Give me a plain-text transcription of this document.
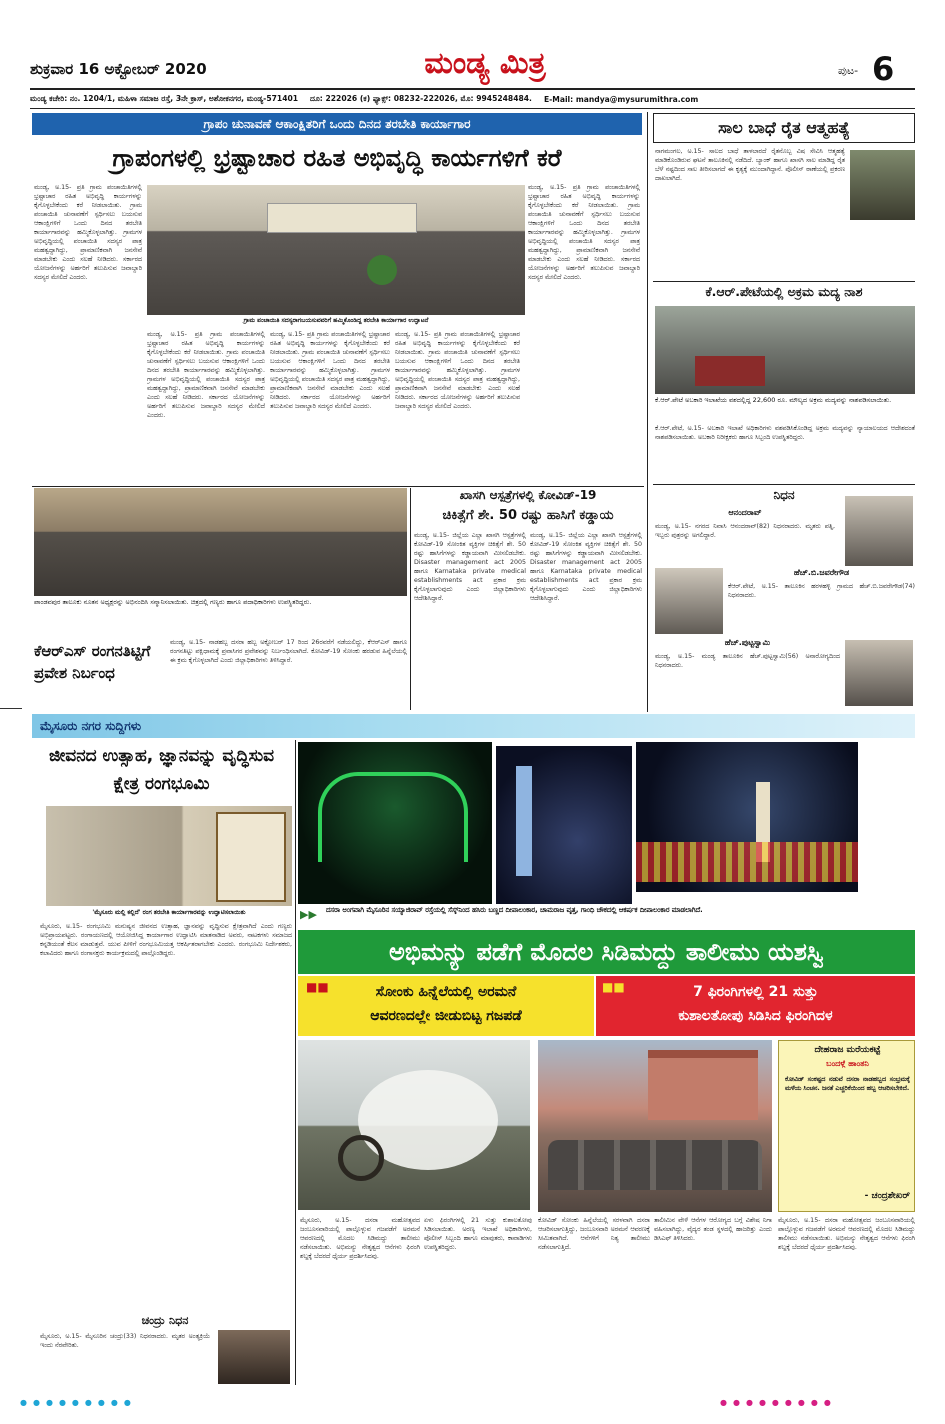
ಶುಕ್ರವಾರ 16 ಅಕ್ಟೋಬರ್ 2020	ಮಂಡ್ಯ ಮಿತ್ರ	ಪುಟ- 6
ಮಂಡ್ಯ ಕಚೇರಿ: ನಂ. 1204/1, ಮಹಿಳಾ ಸಮಾಜ ರಸ್ತೆ, 3ನೇ ಕ್ರಾಸ್, ಅಶೋಕನಗರ, ಮಂಡ್ಯ-571401 ದೂ: 222026 (ಕ) ಫ್ಯಾಕ್ಸ್: 08232-222026, ಮೊ: 9945248484. E-Mail: mandya@mysurumithra.com
ಗ್ರಾಪಂ ಚುನಾವಣೆ ಆಕಾಂಕ್ಷಿತರಿಗೆ ಒಂದು ದಿನದ ತರಬೇತಿ ಕಾರ್ಯಾಗಾರ
ಗ್ರಾಪಂಗಳಲ್ಲಿ ಭ್ರಷ್ಟಾಚಾರ ರಹಿತ ಅಭಿವೃದ್ಧಿ ಕಾರ್ಯಗಳಿಗೆ ಕರೆ
ಮಂಡ್ಯ, ಅ.15- ಪ್ರತಿ ಗ್ರಾಮ ಪಂಚಾಯಿತಿಗಳಲ್ಲಿ ಭ್ರಷ್ಟಾಚಾರ ರಹಿತ ಅಭಿವೃದ್ಧಿ ಕಾರ್ಯಗಳನ್ನು ಕೈಗೊಳ್ಳಬೇಕೆಂದು ಕರೆ ನೀಡಲಾಯಿತು. ಗ್ರಾಮ ಪಂಚಾಯಿತಿ ಚುನಾವಣೆಗೆ ಸ್ಪರ್ಧಿಸಲು ಬಯಸುವ ಆಕಾಂಕ್ಷಿಗಳಿಗೆ ಒಂದು ದಿನದ ತರಬೇತಿ ಕಾರ್ಯಾಗಾರವನ್ನು ಹಮ್ಮಿಕೊಳ್ಳಲಾಗಿತ್ತು. ಗ್ರಾಮಗಳ ಅಭಿವೃದ್ಧಿಯಲ್ಲಿ ಪಂಚಾಯಿತಿ ಸದಸ್ಯರ ಪಾತ್ರ ಮಹತ್ವದ್ದಾಗಿದ್ದು, ಪ್ರಾಮಾಣಿಕವಾಗಿ ಜನಸೇವೆ ಮಾಡಬೇಕು ಎಂದು ಸಲಹೆ ನೀಡಿದರು. ಸರ್ಕಾರದ ಯೋಜನೆಗಳನ್ನು ಅರ್ಹರಿಗೆ ತಲುಪಿಸುವ ಜವಾಬ್ದಾರಿ ಸದಸ್ಯರ ಮೇಲಿದೆ ಎಂದರು.
ಗ್ರಾಮ ಪಂಚಾಯಿತಿ ಸದಸ್ಯರಾಗಬಯಸುವವರಿಗೆ ಹಮ್ಮಿಕೊಂಡಿದ್ದ ತರಬೇತಿ ಕಾರ್ಯಾಗಾರ ಉದ್ಘಾಟನೆ
ಮಂಡ್ಯ, ಅ.15- ಪ್ರತಿ ಗ್ರಾಮ ಪಂಚಾಯಿತಿಗಳಲ್ಲಿ ಭ್ರಷ್ಟಾಚಾರ ರಹಿತ ಅಭಿವೃದ್ಧಿ ಕಾರ್ಯಗಳನ್ನು ಕೈಗೊಳ್ಳಬೇಕೆಂದು ಕರೆ ನೀಡಲಾಯಿತು. ಗ್ರಾಮ ಪಂಚಾಯಿತಿ ಚುನಾವಣೆಗೆ ಸ್ಪರ್ಧಿಸಲು ಬಯಸುವ ಆಕಾಂಕ್ಷಿಗಳಿಗೆ ಒಂದು ದಿನದ ತರಬೇತಿ ಕಾರ್ಯಾಗಾರವನ್ನು ಹಮ್ಮಿಕೊಳ್ಳಲಾಗಿತ್ತು. ಗ್ರಾಮಗಳ ಅಭಿವೃದ್ಧಿಯಲ್ಲಿ ಪಂಚಾಯಿತಿ ಸದಸ್ಯರ ಪಾತ್ರ ಮಹತ್ವದ್ದಾಗಿದ್ದು, ಪ್ರಾಮಾಣಿಕವಾಗಿ ಜನಸೇವೆ ಮಾಡಬೇಕು ಎಂದು ಸಲಹೆ ನೀಡಿದರು. ಸರ್ಕಾರದ ಯೋಜನೆಗಳನ್ನು ಅರ್ಹರಿಗೆ ತಲುಪಿಸುವ ಜವಾಬ್ದಾರಿ ಸದಸ್ಯರ ಮೇಲಿದೆ ಎಂದರು.
ಮಂಡ್ಯ, ಅ.15- ಪ್ರತಿ ಗ್ರಾಮ ಪಂಚಾಯಿತಿಗಳಲ್ಲಿ ಭ್ರಷ್ಟಾಚಾರ ರಹಿತ ಅಭಿವೃದ್ಧಿ ಕಾರ್ಯಗಳನ್ನು ಕೈಗೊಳ್ಳಬೇಕೆಂದು ಕರೆ ನೀಡಲಾಯಿತು. ಗ್ರಾಮ ಪಂಚಾಯಿತಿ ಚುನಾವಣೆಗೆ ಸ್ಪರ್ಧಿಸಲು ಬಯಸುವ ಆಕಾಂಕ್ಷಿಗಳಿಗೆ ಒಂದು ದಿನದ ತರಬೇತಿ ಕಾರ್ಯಾಗಾರವನ್ನು ಹಮ್ಮಿಕೊಳ್ಳಲಾಗಿತ್ತು. ಗ್ರಾಮಗಳ ಅಭಿವೃದ್ಧಿಯಲ್ಲಿ ಪಂಚಾಯಿತಿ ಸದಸ್ಯರ ಪಾತ್ರ ಮಹತ್ವದ್ದಾಗಿದ್ದು, ಪ್ರಾಮಾಣಿಕವಾಗಿ ಜನಸೇವೆ ಮಾಡಬೇಕು ಎಂದು ಸಲಹೆ ನೀಡಿದರು. ಸರ್ಕಾರದ ಯೋಜನೆಗಳನ್ನು ಅರ್ಹರಿಗೆ ತಲುಪಿಸುವ ಜವಾಬ್ದಾರಿ ಸದಸ್ಯರ ಮೇಲಿದೆ ಎಂದರು.
ಮಂಡ್ಯ, ಅ.15- ಪ್ರತಿ ಗ್ರಾಮ ಪಂಚಾಯಿತಿಗಳಲ್ಲಿ ಭ್ರಷ್ಟಾಚಾರ ರಹಿತ ಅಭಿವೃದ್ಧಿ ಕಾರ್ಯಗಳನ್ನು ಕೈಗೊಳ್ಳಬೇಕೆಂದು ಕರೆ ನೀಡಲಾಯಿತು. ಗ್ರಾಮ ಪಂಚಾಯಿತಿ ಚುನಾವಣೆಗೆ ಸ್ಪರ್ಧಿಸಲು ಬಯಸುವ ಆಕಾಂಕ್ಷಿಗಳಿಗೆ ಒಂದು ದಿನದ ತರಬೇತಿ ಕಾರ್ಯಾಗಾರವನ್ನು ಹಮ್ಮಿಕೊಳ್ಳಲಾಗಿತ್ತು. ಗ್ರಾಮಗಳ ಅಭಿವೃದ್ಧಿಯಲ್ಲಿ ಪಂಚಾಯಿತಿ ಸದಸ್ಯರ ಪಾತ್ರ ಮಹತ್ವದ್ದಾಗಿದ್ದು, ಪ್ರಾಮಾಣಿಕವಾಗಿ ಜನಸೇವೆ ಮಾಡಬೇಕು ಎಂದು ಸಲಹೆ ನೀಡಿದರು. ಸರ್ಕಾರದ ಯೋಜನೆಗಳನ್ನು ಅರ್ಹರಿಗೆ ತಲುಪಿಸುವ ಜವಾಬ್ದಾರಿ ಸದಸ್ಯರ ಮೇಲಿದೆ ಎಂದರು.
ಮಂಡ್ಯ, ಅ.15- ಪ್ರತಿ ಗ್ರಾಮ ಪಂಚಾಯಿತಿಗಳಲ್ಲಿ ಭ್ರಷ್ಟಾಚಾರ ರಹಿತ ಅಭಿವೃದ್ಧಿ ಕಾರ್ಯಗಳನ್ನು ಕೈಗೊಳ್ಳಬೇಕೆಂದು ಕರೆ ನೀಡಲಾಯಿತು. ಗ್ರಾಮ ಪಂಚಾಯಿತಿ ಚುನಾವಣೆಗೆ ಸ್ಪರ್ಧಿಸಲು ಬಯಸುವ ಆಕಾಂಕ್ಷಿಗಳಿಗೆ ಒಂದು ದಿನದ ತರಬೇತಿ ಕಾರ್ಯಾಗಾರವನ್ನು ಹಮ್ಮಿಕೊಳ್ಳಲಾಗಿತ್ತು. ಗ್ರಾಮಗಳ ಅಭಿವೃದ್ಧಿಯಲ್ಲಿ ಪಂಚಾಯಿತಿ ಸದಸ್ಯರ ಪಾತ್ರ ಮಹತ್ವದ್ದಾಗಿದ್ದು, ಪ್ರಾಮಾಣಿಕವಾಗಿ ಜನಸೇವೆ ಮಾಡಬೇಕು ಎಂದು ಸಲಹೆ ನೀಡಿದರು. ಸರ್ಕಾರದ ಯೋಜನೆಗಳನ್ನು ಅರ್ಹರಿಗೆ ತಲುಪಿಸುವ ಜವಾಬ್ದಾರಿ ಸದಸ್ಯರ ಮೇಲಿದೆ ಎಂದರು.
ಪಾಂಡವಪುರ ತಾಲೂಕು ನೂತನ ಅಧ್ಯಕ್ಷರನ್ನು ಅಭಿನಂದಿಸಿ ಸನ್ಮಾನಿಸಲಾಯಿತು. ಚಿತ್ರದಲ್ಲಿ ಗಣ್ಯರು ಹಾಗೂ ಪದಾಧಿಕಾರಿಗಳು ಉಪಸ್ಥಿತರಿದ್ದರು.
ಕೆಆರ್‌ಎಸ್ ರಂಗನತಿಟ್ಟಿಗೆ ಪ್ರವೇಶ ನಿರ್ಬಂಧ
ಮಂಡ್ಯ, ಅ.15- ನಾಡಹಬ್ಬ ದಸರಾ ಹಬ್ಬ ಅಕ್ಟೋಬರ್ 17 ರಿಂದ 26ರವರೆಗೆ ನಡೆಯಲಿದ್ದು, ಕೆಆರ್‌ಎಸ್ ಹಾಗೂ ರಂಗನತಿಟ್ಟು ಪಕ್ಷಿಧಾಮಕ್ಕೆ ಪ್ರವಾಸಿಗರ ಪ್ರವೇಶವನ್ನು ನಿರ್ಬಂಧಿಸಲಾಗಿದೆ. ಕೋವಿಡ್-19 ಸೋಂಕು ಹರಡುವ ಹಿನ್ನೆಲೆಯಲ್ಲಿ ಈ ಕ್ರಮ ಕೈಗೊಳ್ಳಲಾಗಿದೆ ಎಂದು ಜಿಲ್ಲಾಧಿಕಾರಿಗಳು ತಿಳಿಸಿದ್ದಾರೆ.
ಖಾಸಗಿ ಆಸ್ಪತ್ರೆಗಳಲ್ಲಿ ಕೋವಿಡ್-19
ಚಿಕಿತ್ಸೆಗೆ ಶೇ. 50 ರಷ್ಟು ಹಾಸಿಗೆ ಕಡ್ಡಾಯ
ಮಂಡ್ಯ, ಅ.15- ಜಿಲ್ಲೆಯ ಎಲ್ಲಾ ಖಾಸಗಿ ಆಸ್ಪತ್ರೆಗಳಲ್ಲಿ ಕೋವಿಡ್-19 ಸೋಂಕಿತ ವ್ಯಕ್ತಿಗಳ ಚಿಕಿತ್ಸೆಗೆ ಶೇ. 50 ರಷ್ಟು ಹಾಸಿಗೆಗಳನ್ನು ಕಡ್ಡಾಯವಾಗಿ ಮೀಸಲಿಡಬೇಕು. Disaster management act 2005 ಹಾಗೂ Karnataka private medical establishments act ಪ್ರಕಾರ ಕ್ರಮ ಕೈಗೊಳ್ಳಲಾಗುವುದು ಎಂದು ಜಿಲ್ಲಾಧಿಕಾರಿಗಳು ಆದೇಶಿಸಿದ್ದಾರೆ.
ಮಂಡ್ಯ, ಅ.15- ಜಿಲ್ಲೆಯ ಎಲ್ಲಾ ಖಾಸಗಿ ಆಸ್ಪತ್ರೆಗಳಲ್ಲಿ ಕೋವಿಡ್-19 ಸೋಂಕಿತ ವ್ಯಕ್ತಿಗಳ ಚಿಕಿತ್ಸೆಗೆ ಶೇ. 50 ರಷ್ಟು ಹಾಸಿಗೆಗಳನ್ನು ಕಡ್ಡಾಯವಾಗಿ ಮೀಸಲಿಡಬೇಕು. Disaster management act 2005 ಹಾಗೂ Karnataka private medical establishments act ಪ್ರಕಾರ ಕ್ರಮ ಕೈಗೊಳ್ಳಲಾಗುವುದು ಎಂದು ಜಿಲ್ಲಾಧಿಕಾರಿಗಳು ಆದೇಶಿಸಿದ್ದಾರೆ.
ಸಾಲ ಬಾಧೆ ರೈತ ಆತ್ಮಹತ್ಯೆ
ನಾಗಮಂಗಲ, ಅ.15- ಸಾಲದ ಬಾಧೆ ತಾಳಲಾರದೆ ರೈತನೊಬ್ಬ ವಿಷ ಸೇವಿಸಿ ಆತ್ಮಹತ್ಯೆ ಮಾಡಿಕೊಂಡಿರುವ ಘಟನೆ ತಾಲೂಕಿನಲ್ಲಿ ನಡೆದಿದೆ. ಬ್ಯಾಂಕ್ ಹಾಗೂ ಖಾಸಗಿ ಸಾಲ ಮಾಡಿದ್ದ ರೈತ ಬೆಳೆ ನಷ್ಟದಿಂದ ಸಾಲ ತೀರಿಸಲಾಗದೆ ಈ ಕೃತ್ಯಕ್ಕೆ ಮುಂದಾಗಿದ್ದಾನೆ. ಪೊಲೀಸ್ ಠಾಣೆಯಲ್ಲಿ ಪ್ರಕರಣ ದಾಖಲಾಗಿದೆ.
ಕೆ.ಆರ್.ಪೇಟೆಯಲ್ಲಿ ಅಕ್ರಮ ಮದ್ಯ ನಾಶ
ಕೆ.ಆರ್.ಪೇಟೆ ಅಬಕಾರಿ ಇಲಾಖೆಯ ವಶದಲ್ಲಿದ್ದ 22,600 ರೂ. ಮೌಲ್ಯದ ಅಕ್ರಮ ಮದ್ಯವನ್ನು ನಾಶಪಡಿಸಲಾಯಿತು.
ಕೆ.ಆರ್.ಪೇಟೆ, ಅ.15- ಅಬಕಾರಿ ಇಲಾಖೆ ಅಧಿಕಾರಿಗಳು ವಶಪಡಿಸಿಕೊಂಡಿದ್ದ ಅಕ್ರಮ ಮದ್ಯವನ್ನು ನ್ಯಾಯಾಲಯದ ಆದೇಶದಂತೆ ನಾಶಪಡಿಸಲಾಯಿತು. ಅಬಕಾರಿ ನಿರೀಕ್ಷಕರು ಹಾಗೂ ಸಿಬ್ಬಂದಿ ಉಪಸ್ಥಿತರಿದ್ದರು.
ನಿಧನ
ಆನಂದರಾವ್
ಮಂಡ್ಯ, ಅ.15- ನಗರದ ನಿವಾಸಿ ಆನಂದರಾವ್(82) ನಿಧನರಾದರು. ಮೃತರು ಪತ್ನಿ, ಇಬ್ಬರು ಪುತ್ರರನ್ನು ಅಗಲಿದ್ದಾರೆ.
ಹೆಚ್.ಬಿ.ಜವರೇಗೌಡ
ಕೆಆರ್.ಪೇಟೆ, ಅ.15- ತಾಲೂಕಿನ ಹರಳಹಳ್ಳಿ ಗ್ರಾಮದ ಹೆಚ್.ಬಿ.ಜವರೇಗೌಡ(74) ನಿಧನರಾದರು.
ಹೆಚ್.ಪುಟ್ಟಸ್ವಾಮಿ
ಮಂಡ್ಯ, ಅ.15- ಮಂಡ್ಯ ತಾಲೂಕಿನ ಹೆಚ್.ಪುಟ್ಟಸ್ವಾಮಿ(56) ಅನಾರೋಗ್ಯದಿಂದ ನಿಧನರಾದರು.
ಮೈಸೂರು ನಗರ ಸುದ್ದಿಗಳು
ಜೀವನದ ಉತ್ಸಾಹ, ಜ್ಞಾನವನ್ನು ವೃದ್ಧಿಸುವ ಕ್ಷೇತ್ರ ರಂಗಭೂಮಿ
'ಮೈಸೂರು ಮಲ್ಲಿ ಕಲ್ಲಿದೆ' ರಂಗ ತರಬೇತಿ ಕಾರ್ಯಾಗಾರವನ್ನು ಉದ್ಘಾಟಿಸಲಾಯಿತು
ಮೈಸೂರು, ಅ.15- ರಂಗಭೂಮಿ ಮನುಷ್ಯನ ಜೀವನದ ಉತ್ಸಾಹ, ಜ್ಞಾನವನ್ನು ವೃದ್ಧಿಸುವ ಕ್ಷೇತ್ರವಾಗಿದೆ ಎಂದು ಗಣ್ಯರು ಅಭಿಪ್ರಾಯಪಟ್ಟರು. ರಂಗಾಯಣದಲ್ಲಿ ಆಯೋಜಿಸಿದ್ದ ಕಾರ್ಯಾಗಾರ ಉದ್ಘಾಟಿಸಿ ಮಾತನಾಡಿದ ಅವರು, ನಾಟಕಗಳು ಸಮಾಜದ ಕನ್ನಡಿಯಂತೆ ಕೆಲಸ ಮಾಡುತ್ತವೆ. ಯುವ ಪೀಳಿಗೆ ರಂಗಭೂಮಿಯತ್ತ ಆಕರ್ಷಿತರಾಗಬೇಕು ಎಂದರು. ರಂಗಭೂಮಿ ನಿರ್ದೇಶಕರು, ಕಲಾವಿದರು ಹಾಗೂ ರಂಗಾಸಕ್ತರು ಕಾರ್ಯಕ್ರಮದಲ್ಲಿ ಪಾಲ್ಗೊಂಡಿದ್ದರು.
ಚಂದ್ರು ನಿಧನ
ಮೈಸೂರು, ಅ.15- ಮೈಸೂರಿನ ಚಂದ್ರು(33) ನಿಧನರಾದರು. ಮೃತರ ಅಂತ್ಯಕ್ರಿಯೆ ಇಂದು ನೆರವೇರಿತು.
▶▶ ದಸರಾ ಅಂಗವಾಗಿ ಮೈಸೂರಿನ ಸಯ್ಯಾಜಿರಾವ್ ರಸ್ತೆಯಲ್ಲಿ ಸೆಸ್ಕ್‌ನಿಂದ ಹಸಿರು ಬಣ್ಣದ ದೀಪಾಲಂಕಾರ, ಚಾಮರಾಜ ವೃತ್ತ, ಗಾಂಧಿ ಚೌಕದಲ್ಲಿ ಆಕರ್ಷಕ ದೀಪಾಲಂಕಾರ ಮಾಡಲಾಗಿದೆ.
ಅಭಿಮನ್ಯು ಪಡೆಗೆ ಮೊದಲ ಸಿಡಿಮದ್ದು ತಾಲೀಮು ಯಶಸ್ವಿ
■■	ಸೋಂಕು ಹಿನ್ನೆಲೆಯಲ್ಲಿ ಅರಮನೆ
ಆವರಣದಲ್ಲೇ ಜೀಡುಬಿಟ್ಟ ಗಜಪಡೆ
■■	7 ಫಿರಂಗಿಗಳಲ್ಲಿ 21 ಸುತ್ತು
ಕುಶಾಲತೋಪು ಸಿಡಿಸಿದ ಫಿರಂಗಿದಳ
ದೇಹರಾಜ ಮರೆಯಕಟ್ಟೆ
ಬಂದಳ್ಗೆ ಹಾಂತನಿ
ಕೋವಿಡ್ ಸಂಕಷ್ಟದ ನಡುವೆ ದಸರಾ ನಾಡಹಬ್ಬದ ಸಂಭ್ರಮಕ್ಕೆ ಮಳೆಯ ಸಿಂಚನ. ಜನತೆ ಎಚ್ಚರಿಕೆಯಿಂದ ಹಬ್ಬ ಆಚರಿಸಬೇಕಿದೆ.
- ಚಂದ್ರಶೇಖರ್
ಮೈಸೂರು, ಅ.15- ದಸರಾ ಮಹೋತ್ಸವದ ಜಂಬೂಸವಾರಿಯಲ್ಲಿ ಪಾಲ್ಗೊಳ್ಳುವ ಗಜಪಡೆಗೆ ಅರಮನೆ ಆವರಣದಲ್ಲಿ ಮೊದಲ ಸಿಡಿಮದ್ದು ತಾಲೀಮು ನಡೆಸಲಾಯಿತು. ಅಭಿಮನ್ಯು ನೇತೃತ್ವದ ಆನೆಗಳು ಫಿರಂಗಿ ಶಬ್ದಕ್ಕೆ ಬೆದರದೆ ಧೈರ್ಯ ಪ್ರದರ್ಶಿಸಿದವು.
ಏಳು ಫಿರಂಗಿಗಳಲ್ಲಿ 21 ಸುತ್ತು ಕುಶಾಲತೋಪು ಸಿಡಿಸಲಾಯಿತು. ಅರಣ್ಯ ಇಲಾಖೆ ಅಧಿಕಾರಿಗಳು, ಪೊಲೀಸ್ ಸಿಬ್ಬಂದಿ ಹಾಗೂ ಮಾವುತರು, ಕಾವಾಡಿಗಳು ಉಪಸ್ಥಿತರಿದ್ದರು.
ಕೋವಿಡ್ ಸೋಂಕು ಹಿನ್ನೆಲೆಯಲ್ಲಿ ಸರಳವಾಗಿ ದಸರಾ ಆಚರಿಸಲಾಗುತ್ತಿದ್ದು, ಜಂಬೂಸವಾರಿ ಅರಮನೆ ಆವರಣಕ್ಕೆ ಸೀಮಿತವಾಗಿದೆ. ಆನೆಗಳಿಗೆ ನಿತ್ಯ ತಾಲೀಮು ನಡೆಸಲಾಗುತ್ತಿದೆ.
ತಾಲೀಮಿನ ವೇಳೆ ಆನೆಗಳ ಆರೋಗ್ಯದ ಬಗ್ಗೆ ವಿಶೇಷ ನಿಗಾ ವಹಿಸಲಾಗಿದ್ದು, ವೈದ್ಯರ ತಂಡ ಸ್ಥಳದಲ್ಲಿ ಹಾಜರಿತ್ತು ಎಂದು ಡಿಸಿಎಫ್ ತಿಳಿಸಿದರು.
ಮೈಸೂರು, ಅ.15- ದಸರಾ ಮಹೋತ್ಸವದ ಜಂಬೂಸವಾರಿಯಲ್ಲಿ ಪಾಲ್ಗೊಳ್ಳುವ ಗಜಪಡೆಗೆ ಅರಮನೆ ಆವರಣದಲ್ಲಿ ಮೊದಲ ಸಿಡಿಮದ್ದು ತಾಲೀಮು ನಡೆಸಲಾಯಿತು. ಅಭಿಮನ್ಯು ನೇತೃತ್ವದ ಆನೆಗಳು ಫಿರಂಗಿ ಶಬ್ದಕ್ಕೆ ಬೆದರದೆ ಧೈರ್ಯ ಪ್ರದರ್ಶಿಸಿದವು.
●●●●●●●●●	●●●●●●●●●
